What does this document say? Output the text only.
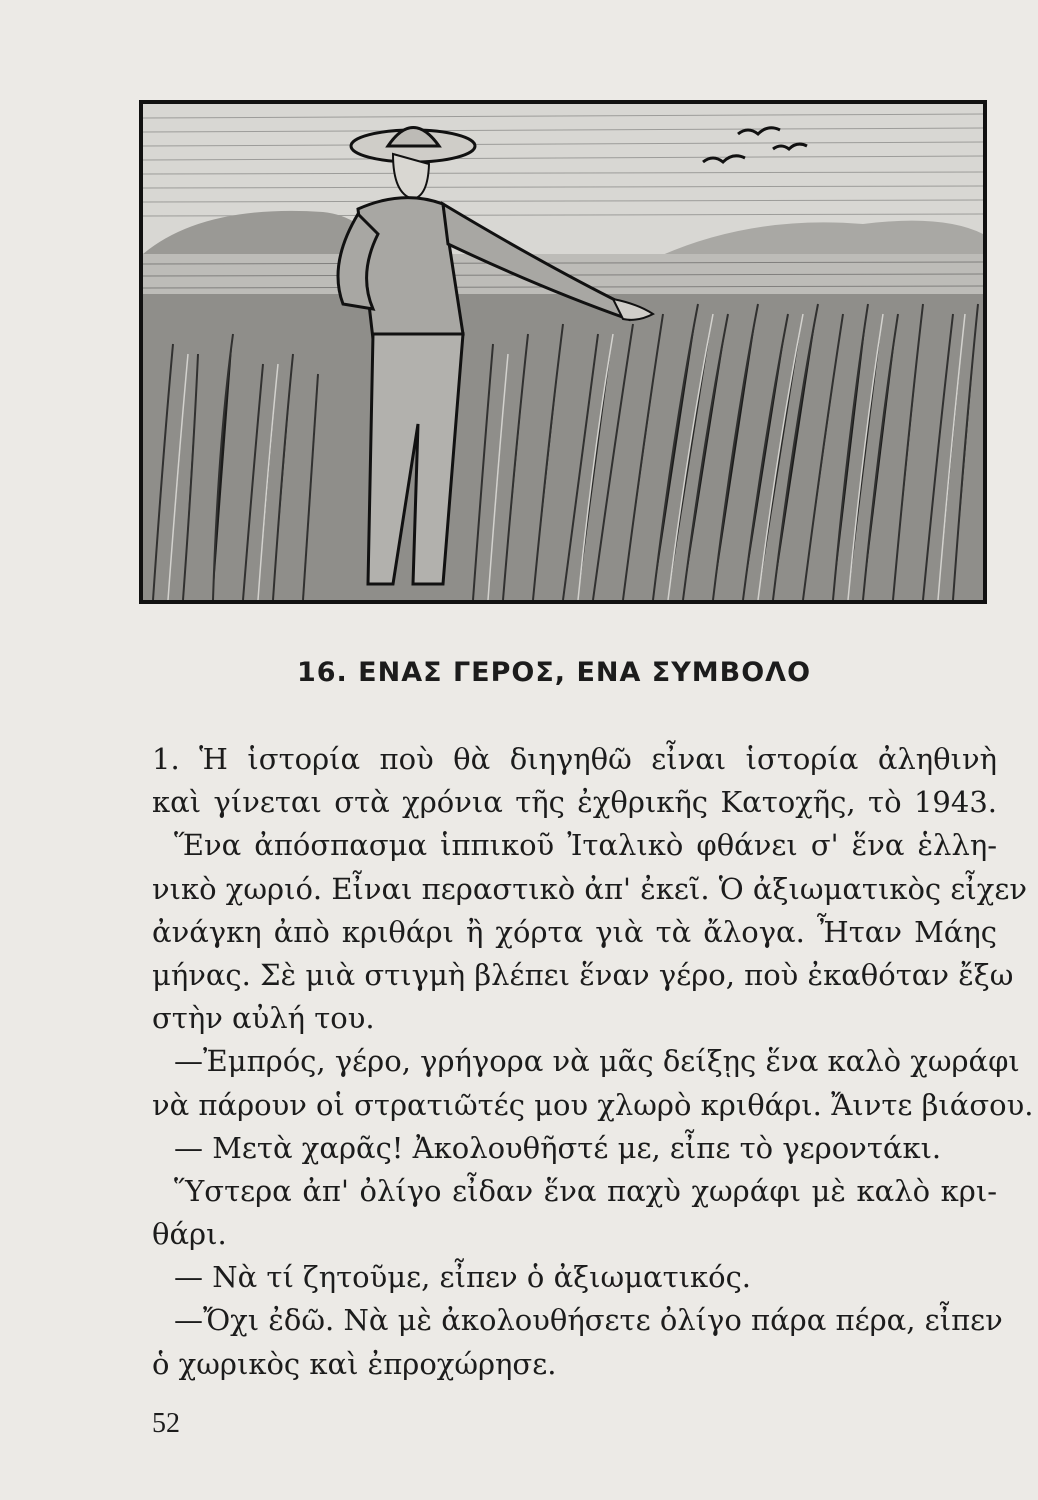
16. ΕΝΑΣ ΓΕΡΟΣ, ΕΝΑ ΣΥΜΒΟΛΟ
1. Ἡ ἱστορία ποὺ θὰ διηγηθῶ εἶναι ἱστορία ἀληθινὴ
καὶ γίνεται στὰ χρόνια τῆς ἐχθρικῆς Κατοχῆς, τὸ 1943.
Ἕνα ἀπόσπασμα ἱππικοῦ Ἰταλικὸ φθάνει σ' ἕνα ἑλλη-
νικὸ χωριό. Εἶναι περαστικὸ ἀπ' ἐκεῖ. Ὁ ἀξιωματικὸς εἶχεν
ἀνάγκη ἀπὸ κριθάρι ἢ χόρτα γιὰ τὰ ἄλογα. Ἦταν Μάης
μήνας. Σὲ μιὰ στιγμὴ βλέπει ἕναν γέρο, ποὺ ἐκαθόταν ἔξω
στὴν αὐλή του.
—Ἐμπρός, γέρο, γρήγορα νὰ μᾶς δείξῃς ἕνα καλὸ χωράφι
νὰ πάρουν οἱ στρατιῶτές μου χλωρὸ κριθάρι. Ἄιντε βιάσου.
— Μετὰ χαρᾶς! Ἀκολουθῆστέ με, εἶπε τὸ γεροντάκι.
Ὕστερα ἀπ' ὀλίγο εἶδαν ἕνα παχὺ χωράφι μὲ καλὸ κρι-
θάρι.
— Νὰ τί ζητοῦμε, εἶπεν ὁ ἀξιωματικός.
—Ὄχι ἐδῶ. Νὰ μὲ ἀκολουθήσετε ὀλίγο πάρα πέρα, εἶπεν
ὁ χωρικὸς καὶ ἐπροχώρησε.
52
